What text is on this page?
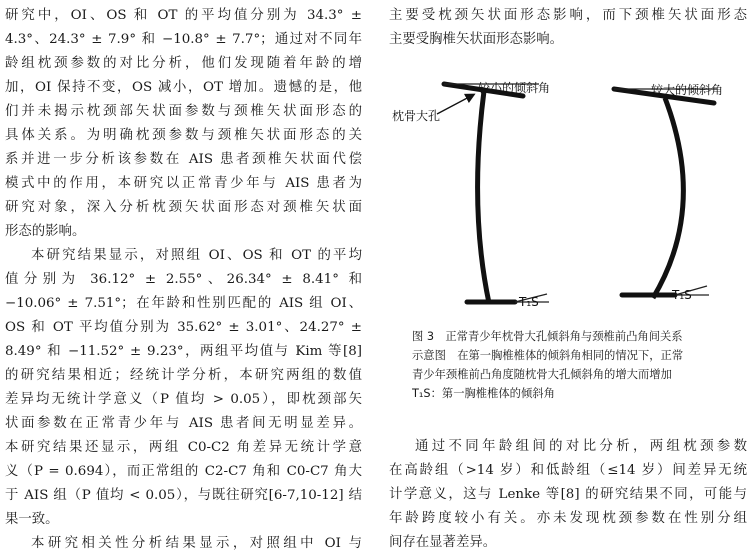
研究中，OI、OS 和 OT 的平均值分别为 34.3° ±
4.3°、24.3° ± 7.9° 和 −10.8° ± 7.7°；通过对不同年
龄组枕颈参数的对比分析，他们发现随着年龄的增
加，OI 保持不变，OS 减小，OT 增加。遗憾的是，他
们并未揭示枕颈部矢状面参数与颈椎矢状面形态的
具体关系。为明确枕颈参数与颈椎矢状面形态的关
系并进一步分析该参数在 AIS 患者颈椎矢状面代偿
模式中的作用，本研究以正常青少年与 AIS 患者为
研究对象，深入分析枕颈矢状面形态对颈椎矢状面
形态的影响。
本研究结果显示，对照组 OI、OS 和 OT 的平均
值分别为 36.12° ± 2.55°、26.34° ± 8.41° 和
−10.06° ± 7.51°；在年龄和性别匹配的 AIS 组 OI、
OS 和 OT 平均值分别为 35.62° ± 3.01°、24.27° ±
8.49° 和 −11.52° ± 9.23°，两组平均值与 Kim 等[8]
的研究结果相近；经统计学分析，本研究两组的数值
差异均无统计学意义（P 值均 > 0.05），即枕颈部矢
状面参数在正常青少年与 AIS 患者间无明显差异。
本研究结果还显示，两组 C0-C2 角差异无统计学意
义（P = 0.694），而正常组的 C2-C7 角和 C0-C7 角大
于 AIS 组（P 值均 < 0.05），与既往研究[6-7,10-12] 结
果一致。
本研究相关性分析结果显示，对照组中 OI 与
主要受枕颈矢状面形态影响，而下颈椎矢状面形态
主要受胸椎矢状面形态影响。
通过不同年龄组间的对比分析，两组枕颈参数
在高龄组（>14 岁）和低龄组（≤14 岁）间差异无统
计学意义，这与 Lenke 等[8] 的研究结果不同，可能与
年龄跨度较小有关。亦未发现枕颈参数在性别分组
间存在显著差异。
较小的倾斜角
枕骨大孔
T₁S
较大的倾斜角
T₁S
图 3　正常青少年枕骨大孔倾斜角与颈椎前凸角间关系
示意图　在第一胸椎椎体的倾斜角相同的情况下，正常
青少年颈椎前凸角度随枕骨大孔倾斜角的增大而增加
T₁S：第一胸椎椎体的倾斜角
